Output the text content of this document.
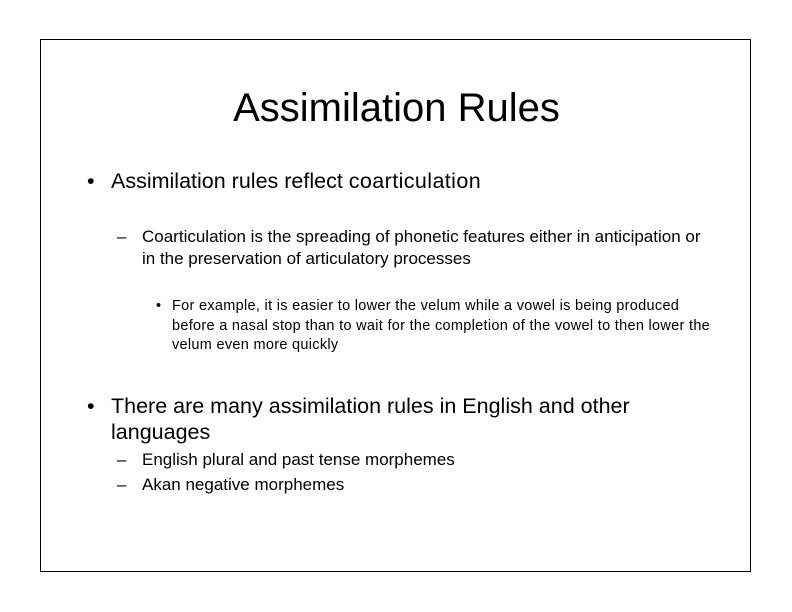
Assimilation Rules
• Assimilation rules reflect coarticulation
– Coarticulation is the spreading of phonetic features either in anticipation or in the preservation of articulatory processes
• For example, it is easier to lower the velum while a vowel is being produced before a nasal stop than to wait for the completion of the vowel to then lower the velum even more quickly
• There are many assimilation rules in English and other languages
– English plural and past tense morphemes
– Akan negative morphemes
